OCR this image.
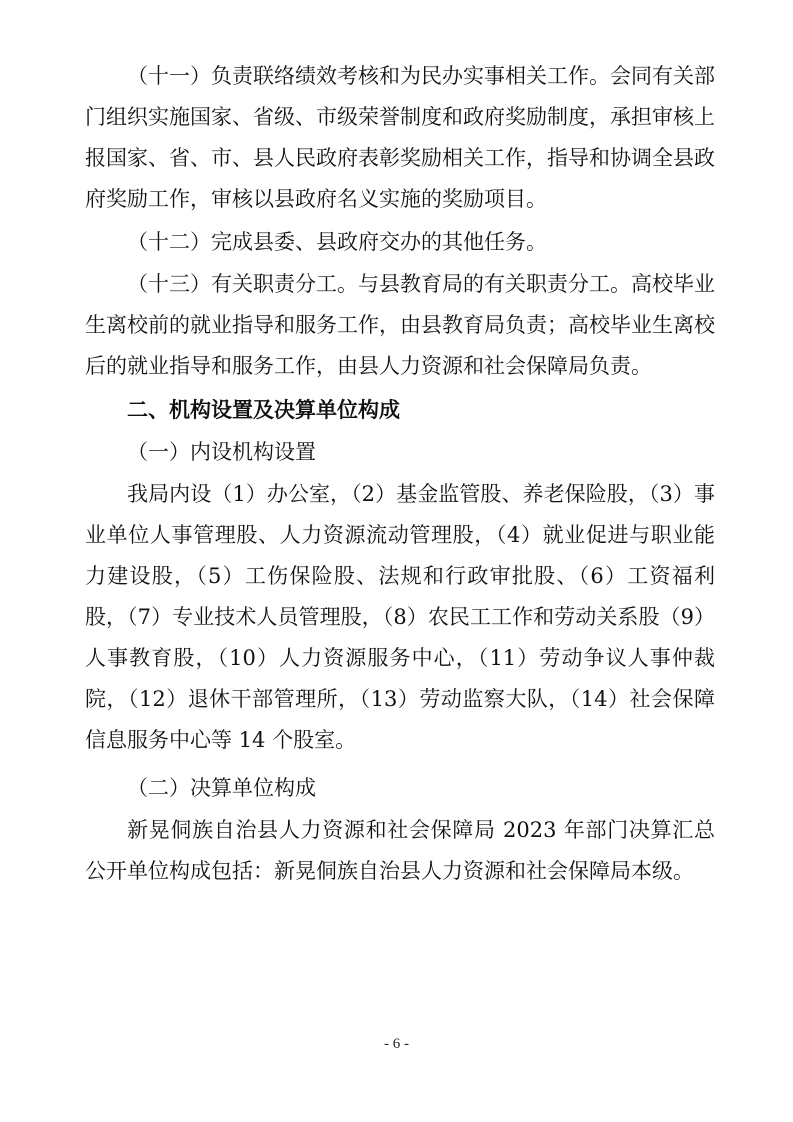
（十一）负责联络绩效考核和为民办实事相关工作。会同有关部门组织实施国家、省级、市级荣誉制度和政府奖励制度，承担审核上报国家、省、市、县人民政府表彰奖励相关工作，指导和协调全县政府奖励工作，审核以县政府名义实施的奖励项目。

（十二）完成县委、县政府交办的其他任务。

（十三）有关职责分工。与县教育局的有关职责分工。高校毕业生离校前的就业指导和服务工作，由县教育局负责；高校毕业生离校后的就业指导和服务工作，由县人力资源和社会保障局负责。

二、机构设置及决算单位构成

（一）内设机构设置

我局内设（1）办公室，（2）基金监管股、养老保险股，（3）事业单位人事管理股、人力资源流动管理股，（4）就业促进与职业能力建设股，（5）工伤保险股、法规和行政审批股、（6）工资福利股，（7）专业技术人员管理股，（8）农民工工作和劳动关系股（9）人事教育股，（10）人力资源服务中心，（11）劳动争议人事仲裁院，（12）退休干部管理所，（13）劳动监察大队，（14）社会保障信息服务中心等 14 个股室。

（二）决算单位构成

新晃侗族自治县人力资源和社会保障局 2023 年部门决算汇总公开单位构成包括：新晃侗族自治县人力资源和社会保障局本级。

- 6 -
